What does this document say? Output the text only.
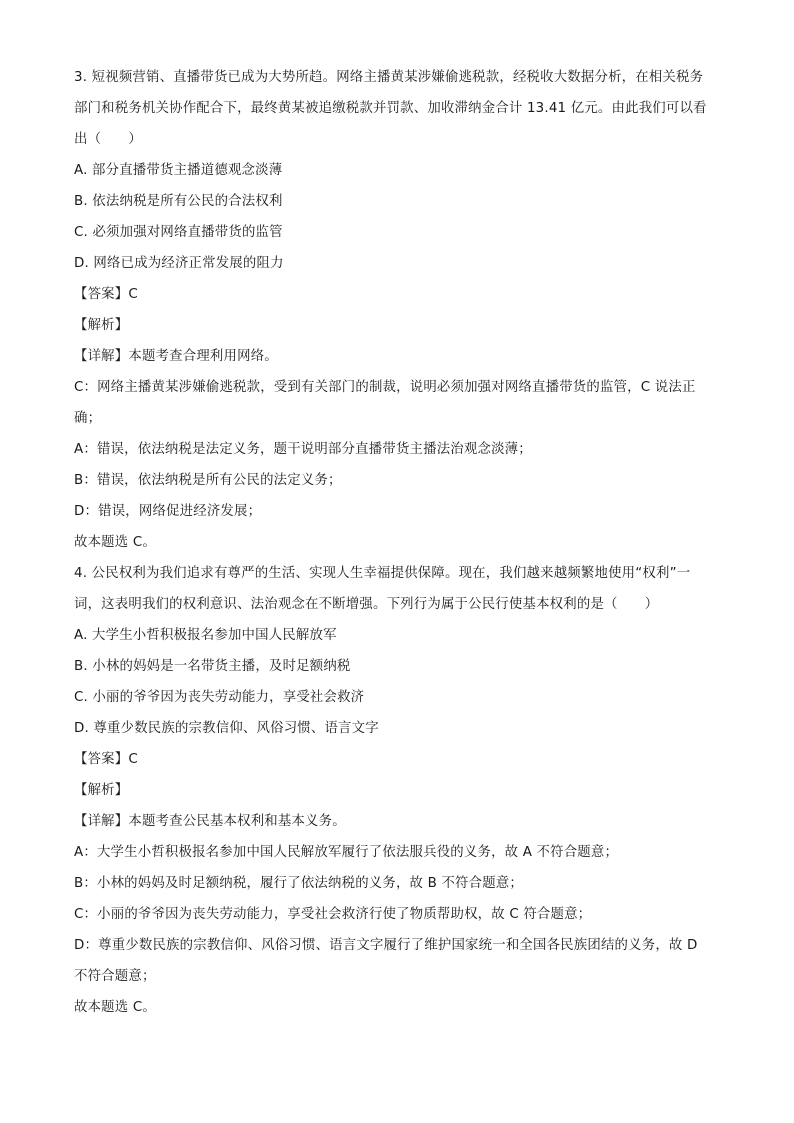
3. 短视频营销、直播带货已成为大势所趋。网络主播黄某涉嫌偷逃税款，经税收大数据分析，在相关税务
部门和税务机关协作配合下，最终黄某被追缴税款并罚款、加收滞纳金合计 13.41 亿元。由此我们可以看
出（　　）
A. 部分直播带货主播道德观念淡薄
B. 依法纳税是所有公民的合法权利
C. 必须加强对网络直播带货的监管
D. 网络已成为经济正常发展的阻力
【答案】C
【解析】
【详解】本题考查合理利用网络。
C：网络主播黄某涉嫌偷逃税款，受到有关部门的制裁，说明必须加强对网络直播带货的监管，C 说法正
确；
A：错误，依法纳税是法定义务，题干说明部分直播带货主播法治观念淡薄；
B：错误，依法纳税是所有公民的法定义务；
D：错误，网络促进经济发展；
故本题选 C。
4. 公民权利为我们追求有尊严的生活、实现人生幸福提供保障。现在，我们越来越频繁地使用“权利”一
词，这表明我们的权利意识、法治观念在不断增强。下列行为属于公民行使基本权利的是（　　）
A. 大学生小哲积极报名参加中国人民解放军
B. 小林的妈妈是一名带货主播，及时足额纳税
C. 小丽的爷爷因为丧失劳动能力，享受社会救济
D. 尊重少数民族的宗教信仰、风俗习惯、语言文字
【答案】C
【解析】
【详解】本题考查公民基本权利和基本义务。
A：大学生小哲积极报名参加中国人民解放军履行了依法服兵役的义务，故 A 不符合题意；
B：小林的妈妈及时足额纳税，履行了依法纳税的义务，故 B 不符合题意；
C：小丽的爷爷因为丧失劳动能力，享受社会救济行使了物质帮助权，故 C 符合题意；
D：尊重少数民族的宗教信仰、风俗习惯、语言文字履行了维护国家统一和全国各民族团结的义务，故 D
不符合题意；
故本题选 C。
